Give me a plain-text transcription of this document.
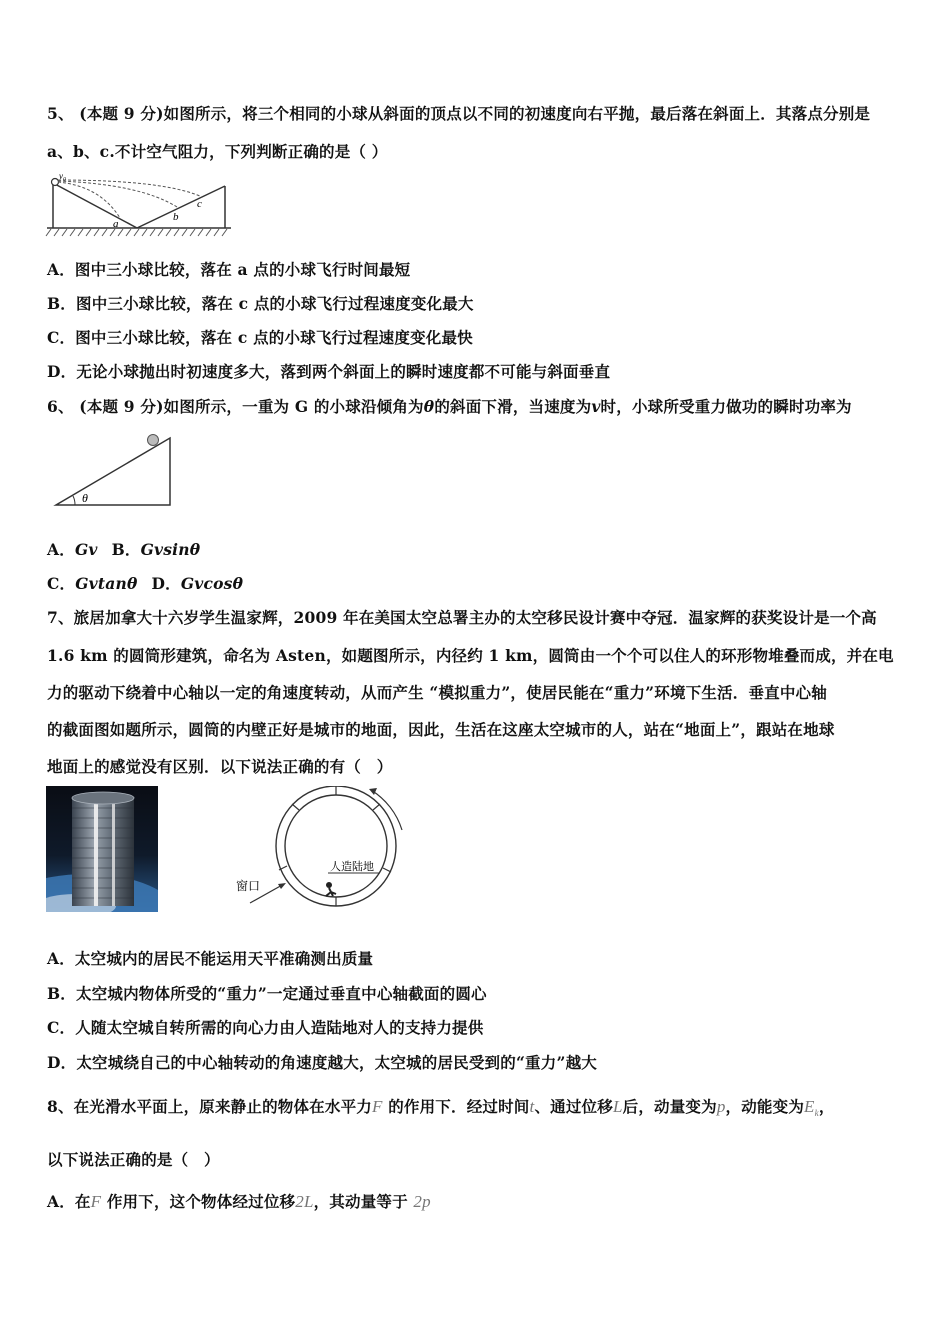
5、 (本题 9 分)如图所示，将三个相同的小球从斜面的顶点以不同的初速度向右平抛，最后落在斜面上．其落点分别是
a、b、c.不计空气阻力，下列判断正确的是（ ）
v₀
a
b
c
A．图中三小球比较，落在 a 点的小球飞行时间最短
B．图中三小球比较，落在 c 点的小球飞行过程速度变化最大
C．图中三小球比较，落在 c 点的小球飞行过程速度变化最快
D．无论小球抛出时初速度多大，落到两个斜面上的瞬时速度都不可能与斜面垂直
6、 (本题 9 分)如图所示，一重为 G 的小球沿倾角为θ的斜面下滑，当速度为v时，小球所受重力做功的瞬时功率为
θ
A．Gv B．Gvsinθ
C．Gvtanθ D．Gvcosθ
7、旅居加拿大十六岁学生温家辉，2009 年在美国太空总署主办的太空移民设计赛中夺冠．温家辉的获奖设计是一个高
1.6 km 的圆筒形建筑，命名为 Asten，如题图所示，内径约 1 km，圆筒由一个个可以住人的环形物堆叠而成，并在电
力的驱动下绕着中心轴以一定的角速度转动，从而产生 “模拟重力”，使居民能在“重力”环境下生活．垂直中心轴
的截面图如题所示，圆筒的内壁正好是城市的地面，因此，生活在这座太空城市的人，站在“地面上”，跟站在地球
地面上的感觉没有区别．以下说法正确的有（　）
人造陆地
窗口
A．太空城内的居民不能运用天平准确测出质量
B．太空城内物体所受的“重力”一定通过垂直中心轴截面的圆心
C．人随太空城自转所需的向心力由人造陆地对人的支持力提供
D．太空城绕自己的中心轴转动的角速度越大，太空城的居民受到的“重力”越大
8、在光滑水平面上，原来静止的物体在水平力F 的作用下．经过时间t、通过位移L后，动量变为p，动能变为$E_k$，
以下说法正确的是（　）
A．在F 作用下，这个物体经过位移2L，其动量等于 2p
